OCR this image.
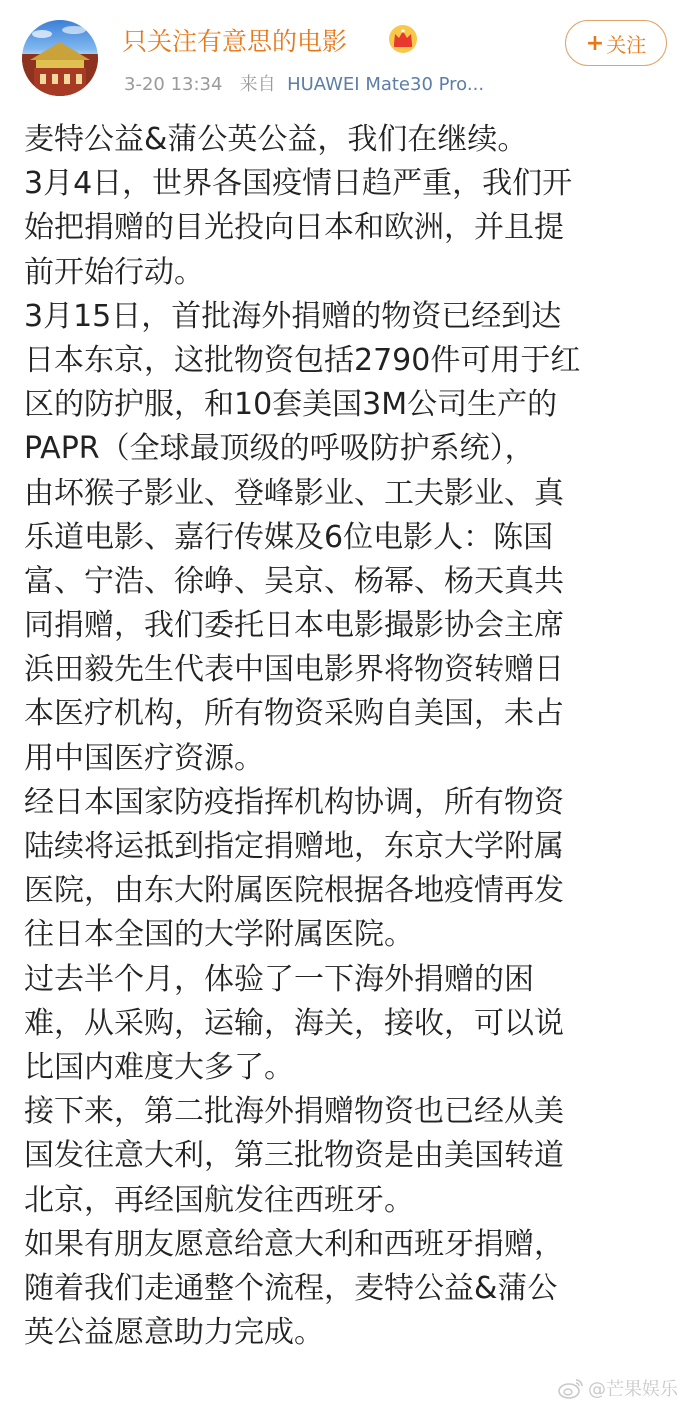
只关注有意思的电影
3-20 13:34 来自 HUAWEI Mate30 Pro...
+ 关注
麦特公益&蒲公英公益，我们在继续。
3月4日，世界各国疫情日趋严重，我们开
始把捐赠的目光投向日本和欧洲，并且提
前开始行动。
3月15日，首批海外捐赠的物资已经到达
日本东京，这批物资包括2790件可用于红
区的防护服，和10套美国3M公司生产的
PAPR（全球最顶级的呼吸防护系统），
由坏猴子影业、登峰影业、工夫影业、真
乐道电影、嘉行传媒及6位电影人：陈国
富、宁浩、徐峥、吴京、杨幂、杨天真共
同捐赠，我们委托日本电影撮影协会主席
浜田毅先生代表中国电影界将物资转赠日
本医疗机构，所有物资采购自美国，未占
用中国医疗资源。
经日本国家防疫指挥机构协调，所有物资
陆续将运抵到指定捐赠地，东京大学附属
医院，由东大附属医院根据各地疫情再发
往日本全国的大学附属医院。
过去半个月，体验了一下海外捐赠的困
难，从采购，运输，海关，接收，可以说
比国内难度大多了。
接下来，第二批海外捐赠物资也已经从美
国发往意大利，第三批物资是由美国转道
北京，再经国航发往西班牙。
如果有朋友愿意给意大利和西班牙捐赠，
随着我们走通整个流程，麦特公益&蒲公
英公益愿意助力完成。
@芒果娱乐
